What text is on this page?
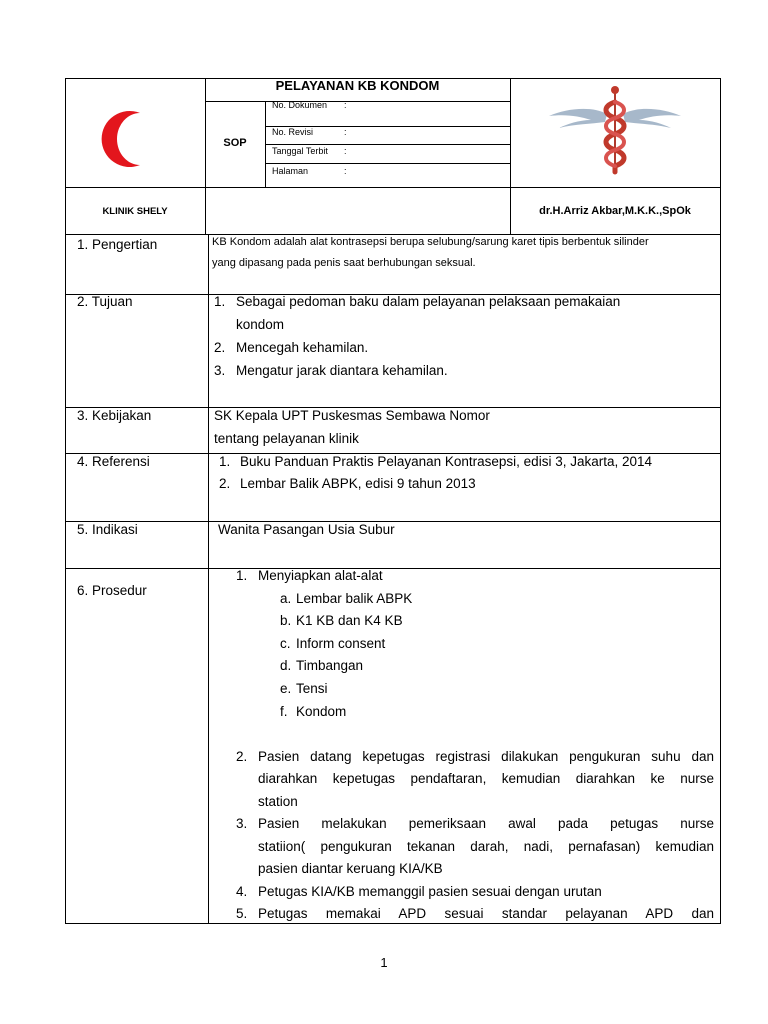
PELAYANAN KB KONDOM
SOP
No. Dokumen :
No. Revisi	:
Tanggal Terbit :
Halaman	:
KLINIK SHELY	dr.H.Arriz Akbar,M.K.K.,SpOk
1. Pengertian	KB Kondom adalah alat kontrasepsi berupa selubung/sarung karet tipis berbentuk silinder
yang dipasang pada penis saat berhubungan seksual.
2. Tujuan	1. Sebagai pedoman baku dalam pelayanan pelaksaan pemakaian
kondom
2. Mencegah kehamilan.
3. Mengatur jarak diantara kehamilan.
3. Kebijakan	SK Kepala UPT Puskesmas Sembawa Nomor
tentang pelayanan klinik
4. Referensi	1. Buku Panduan Praktis Pelayanan Kontrasepsi, edisi 3, Jakarta, 2014
2. Lembar Balik ABPK, edisi 9 tahun 2013
5. Indikasi	Wanita Pasangan Usia Subur
6. Prosedur
1. Menyiapkan alat-alat
a. Lembar balik ABPK
b. K1 KB dan K4 KB
c. Inform consent
d. Timbangan
e. Tensi
f. Kondom
2. Pasien datang kepetugas registrasi dilakukan pengukuran suhu dan
diarahkan kepetugas pendaftaran, kemudian diarahkan ke nurse
station
3. Pasien melakukan pemeriksaan awal pada petugas nurse
statiion( pengukuran tekanan darah, nadi, pernafasan) kemudian
pasien diantar keruang KIA/KB
4. Petugas KIA/KB memanggil pasien sesuai dengan urutan
5. Petugas memakai APD sesuai standar pelayanan APD dan
1
